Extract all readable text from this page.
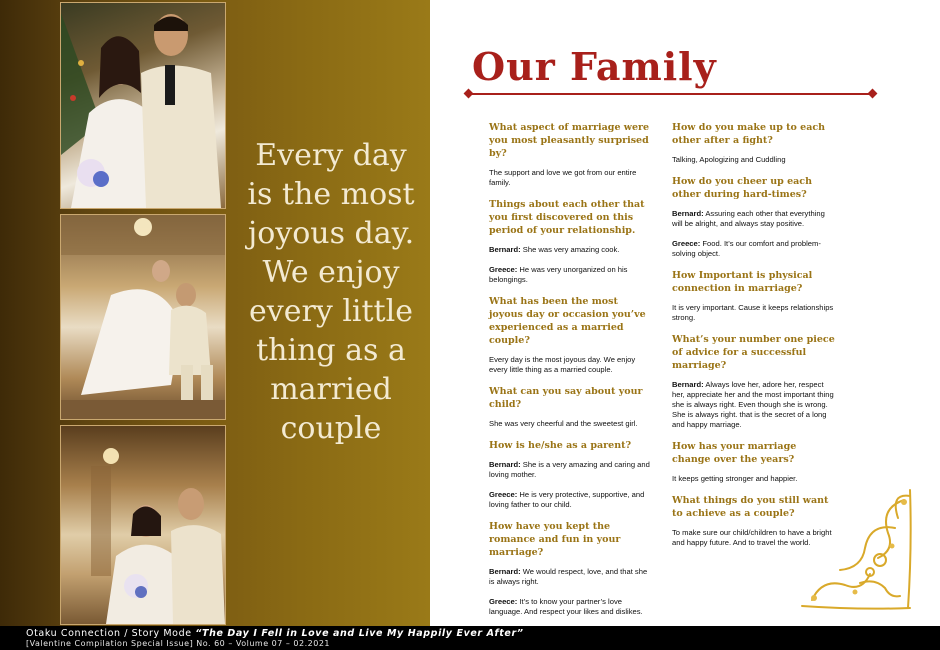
Every day
is the most
joyous day.
We enjoy
every little
thing as a
married
couple
Our Family

What aspect of marriage were you most pleasantly surprised by?

The support and love we got from our entire family.

Things about each other that you first discovered on this period of your relationship.

Bernard: She was very amazing cook.

Greece: He was very unorganized on his belongings.

What has been the most joyous day or occasion you’ve experienced as a married couple?

Every day is the most joyous day. We enjoy every little thing as a married couple.

What can you say about your child?

She was very cheerful and the sweetest girl.

How is he/she as a parent?

Bernard: She is a very amazing and caring and loving mother.

Greece: He is very protective, supportive, and loving father to our child.

How have you kept the romance and fun in your marriage?

Bernard: We would respect, love, and that she is always right.

Greece: It’s to know your partner’s love language. And respect your likes and dislikes.

How do you make up to each other after a fight?

Talking, Apologizing and Cuddling

How do you cheer up each other during hard-times?

Bernard: Assuring each other that everything will be alright, and always stay positive.

Greece: Food. It’s our comfort and problem-solving object.

How Important is physical connection in marriage?

It is very important. Cause it keeps relationships strong.

What’s your number one piece of advice for a successful marriage?

Bernard: Always love her, adore her, respect her, appreciate her and the most important thing she is always right. Even though she is wrong. She is always right. that is the secret of a long and happy marriage.

How has your marriage change over the years?

It keeps getting stronger and happier.

What things do you still want to achieve as a couple?

To make sure our child/children to have a bright and happy future. And to travel the world.

Otaku Connection / Story Mode “The Day I Fell in Love and Live My Happily Ever After”
[Valentine Compilation Special Issue] No. 60 – Volume 07 – 02.2021
